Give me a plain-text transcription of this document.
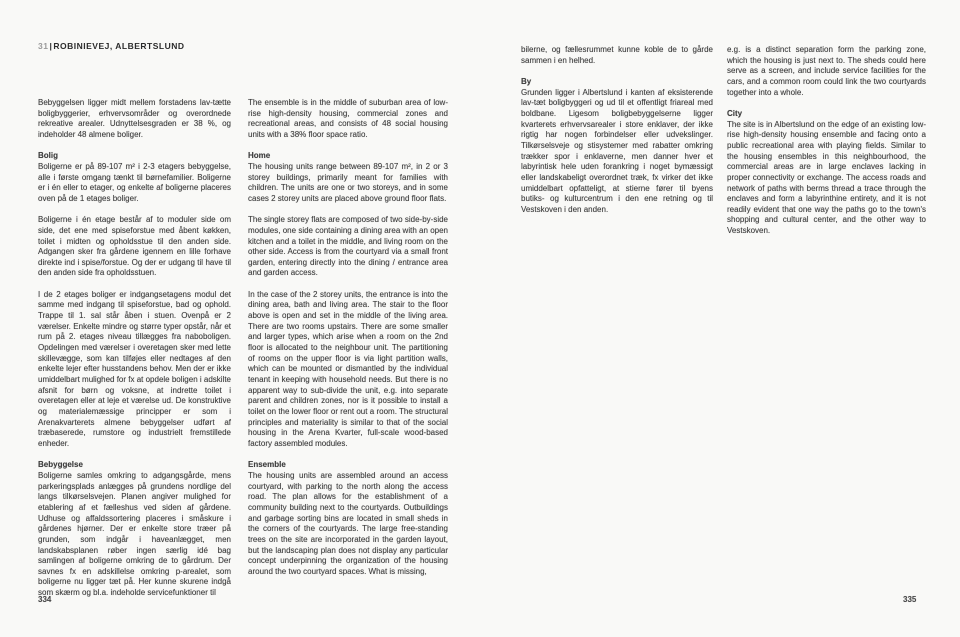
31|ROBINIEVEJ, ALBERTSLUND
Bebyggelsen ligger midt mellem forstadens lav-tætte boligbyggerier, erhvervsområder og overordnede rekreative arealer. Udnyttelsesgraden er 38 %, og indeholder 48 almene boliger.
Bolig
Boligerne er på 89-107 m² i 2-3 etagers bebyggelse, alle i første omgang tænkt til børnefamilier. Boligerne er i én eller to etager, og enkelte af boligerne placeres oven på de 1 etages boliger.
Boligerne i én etage består af to moduler side om side, det ene med spiseforstue med åbent køkken, toilet i midten og opholdsstue til den anden side. Adgangen sker fra gårdene igennem en lille forhave direkte ind i spise/forstue. Og der er udgang til have til den anden side fra opholdsstuen.
I de 2 etages boliger er indgangsetagens modul det samme med indgang til spiseforstue, bad og ophold. Trappe til 1. sal står åben i stuen. Ovenpå er 2 værelser. Enkelte mindre og større typer opstår, når et rum på 2. etages niveau tillægges fra naboboligen. Opdelingen med værelser i overetagen sker med lette skillevægge, som kan tilføjes eller nedtages af den enkelte lejer efter husstandens behov. Men der er ikke umiddelbart mulighed for fx at opdele boligen i adskilte afsnit for børn og voksne, at indrette toilet i overetagen eller at leje et værelse ud. De konstruktive og materialemæssige principper er som i Arenakvarterets almene bebyggelser udført af træbaserede, rumstore og industrielt fremstillede enheder.
Bebyggelse
Boligerne samles omkring to adgangsgårde, mens parkeringsplads anlægges på grundens nordlige del langs tilkørselsvejen. Planen angiver mulighed for etablering af et fælleshus ved siden af gårdene. Udhuse og affaldssortering placeres i småskure i gårdenes hjørner. Der er enkelte store træer på grunden, som indgår i haveanlægget, men landskabsplanen røber ingen særlig idé bag samlingen af boligerne omkring de to gårdrum. Der savnes fx en adskillelse omkring p-arealet, som boligerne nu ligger tæt på. Her kunne skurene indgå som skærm og bl.a. indeholde servicefunktioner til
The ensemble is in the middle of suburban area of low-rise high-density housing, commercial zones and recreational areas, and consists of 48 social housing units with a 38% floor space ratio.
Home
The housing units range between 89-107 m², in 2 or 3 storey buildings, primarily meant for families with children. The units are one or two storeys, and in some cases 2 storey units are placed above ground floor flats.
The single storey flats are composed of two side-by-side modules, one side containing a dining area with an open kitchen and a toilet in the middle, and living room on the other side. Access is from the courtyard via a small front garden, entering directly into the dining / entrance area and garden access.
In the case of the 2 storey units, the entrance is into the dining area, bath and living area. The stair to the floor above is open and set in the middle of the living area. There are two rooms upstairs. There are some smaller and larger types, which arise when a room on the 2nd floor is allocated to the neighbour unit. The partitioning of rooms on the upper floor is via light partition walls, which can be mounted or dismantled by the individual tenant in keeping with household needs. But there is no apparent way to sub-divide the unit, e.g. into separate parent and children zones, nor is it possible to install a toilet on the lower floor or rent out a room. The structural principles and materiality is similar to that of the social housing in the Arena Kvarter, full-scale wood-based factory assembled modules.
Ensemble
The housing units are assembled around an access courtyard, with parking to the north along the access road. The plan allows for the establishment of a community building next to the courtyards. Outbuildings and garbage sorting bins are located in small sheds in the corners of the courtyards. The large free-standing trees on the site are incorporated in the garden layout, but the landscaping plan does not display any particular concept underpinning the organization of the housing around the two courtyard spaces. What is missing,
bilerne, og fællesrummet kunne koble de to gårde sammen i en helhed.
By
Grunden ligger i Albertslund i kanten af eksisterende lav-tæt boligbyggeri og ud til et offentligt friareal med boldbane. Ligesom boligbebyggelserne ligger kvarterets erhvervsarealer i store enklaver, der ikke rigtig har nogen forbindelser eller udvekslinger. Tilkørselsveje og stisystemer med rabatter omkring trækker spor i enklaverne, men danner hver et labyrintisk hele uden forankring i noget bymæssigt eller landskabeligt overordnet træk, fx virker det ikke umiddelbart opfatteligt, at stierne fører til byens butiks- og kulturcentrum i den ene retning og til Vestskoven i den anden.
e.g. is a distinct separation form the parking zone, which the housing is just next to. The sheds could here serve as a screen, and include service facilities for the cars, and a common room could link the two courtyards together into a whole.
City
The site is in Albertslund on the edge of an existing low-rise high-density housing ensemble and facing onto a public recreational area with playing fields. Similar to the housing ensembles in this neighbourhood, the commercial areas are in large enclaves lacking in proper connectivity or exchange. The access roads and network of paths with berms thread a trace through the enclaves and form a labyrinthine entirety, and it is not readily evident that one way the paths go to the town's shopping and cultural center, and the other way to Vestskoven.
334	335
